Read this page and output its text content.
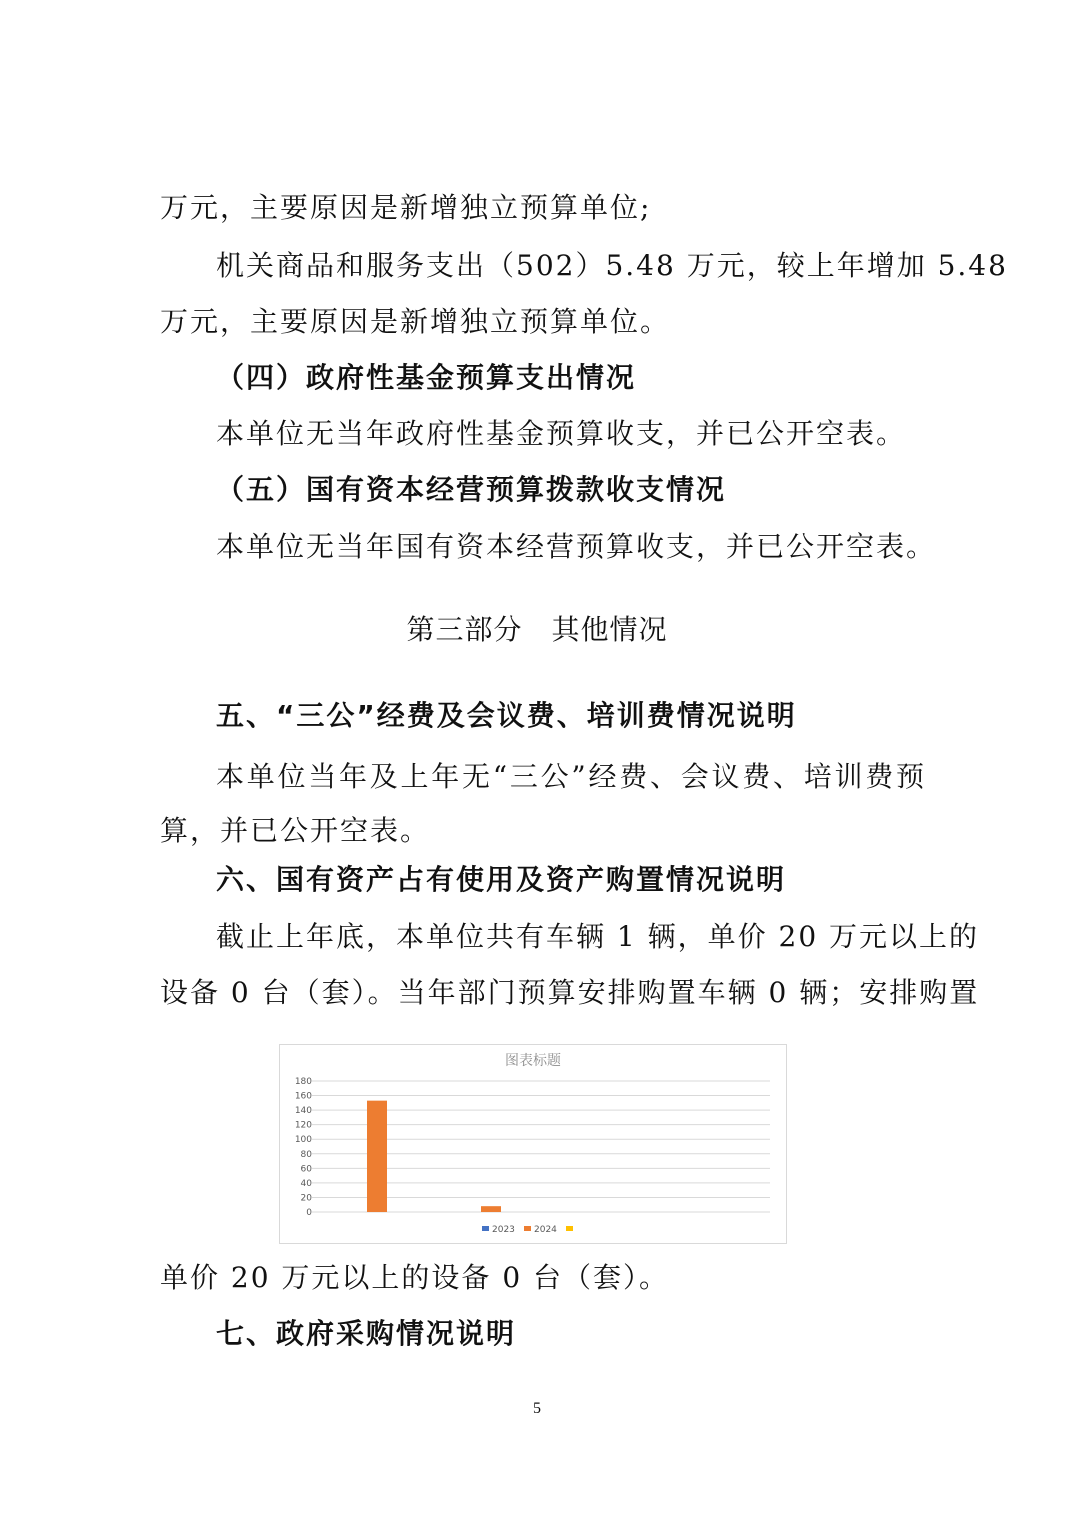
万元，主要原因是新增独立预算单位;
机关商品和服务支出（502）5.48 万元，较上年增加 5.48
万元，主要原因是新增独立预算单位。
（四）政府性基金预算支出情况
本单位无当年政府性基金预算收支，并已公开空表。
（五）国有资本经营预算拨款收支情况
本单位无当年国有资本经营预算收支，并已公开空表。
第三部分　其他情况
五、“三公”经费及会议费、培训费情况说明
本单位当年及上年无“三公”经费、会议费、培训费预
算，并已公开空表。
六、国有资产占有使用及资产购置情况说明
截止上年底，本单位共有车辆 1 辆，单价 20 万元以上的
设备 0 台（套）。当年部门预算安排购置车辆 0 辆；安排购置
图表标题
0
20
40
60
80
100
120
140
160
180
2023 2024
单价 20 万元以上的设备 0 台（套）。
七、政府采购情况说明
5
